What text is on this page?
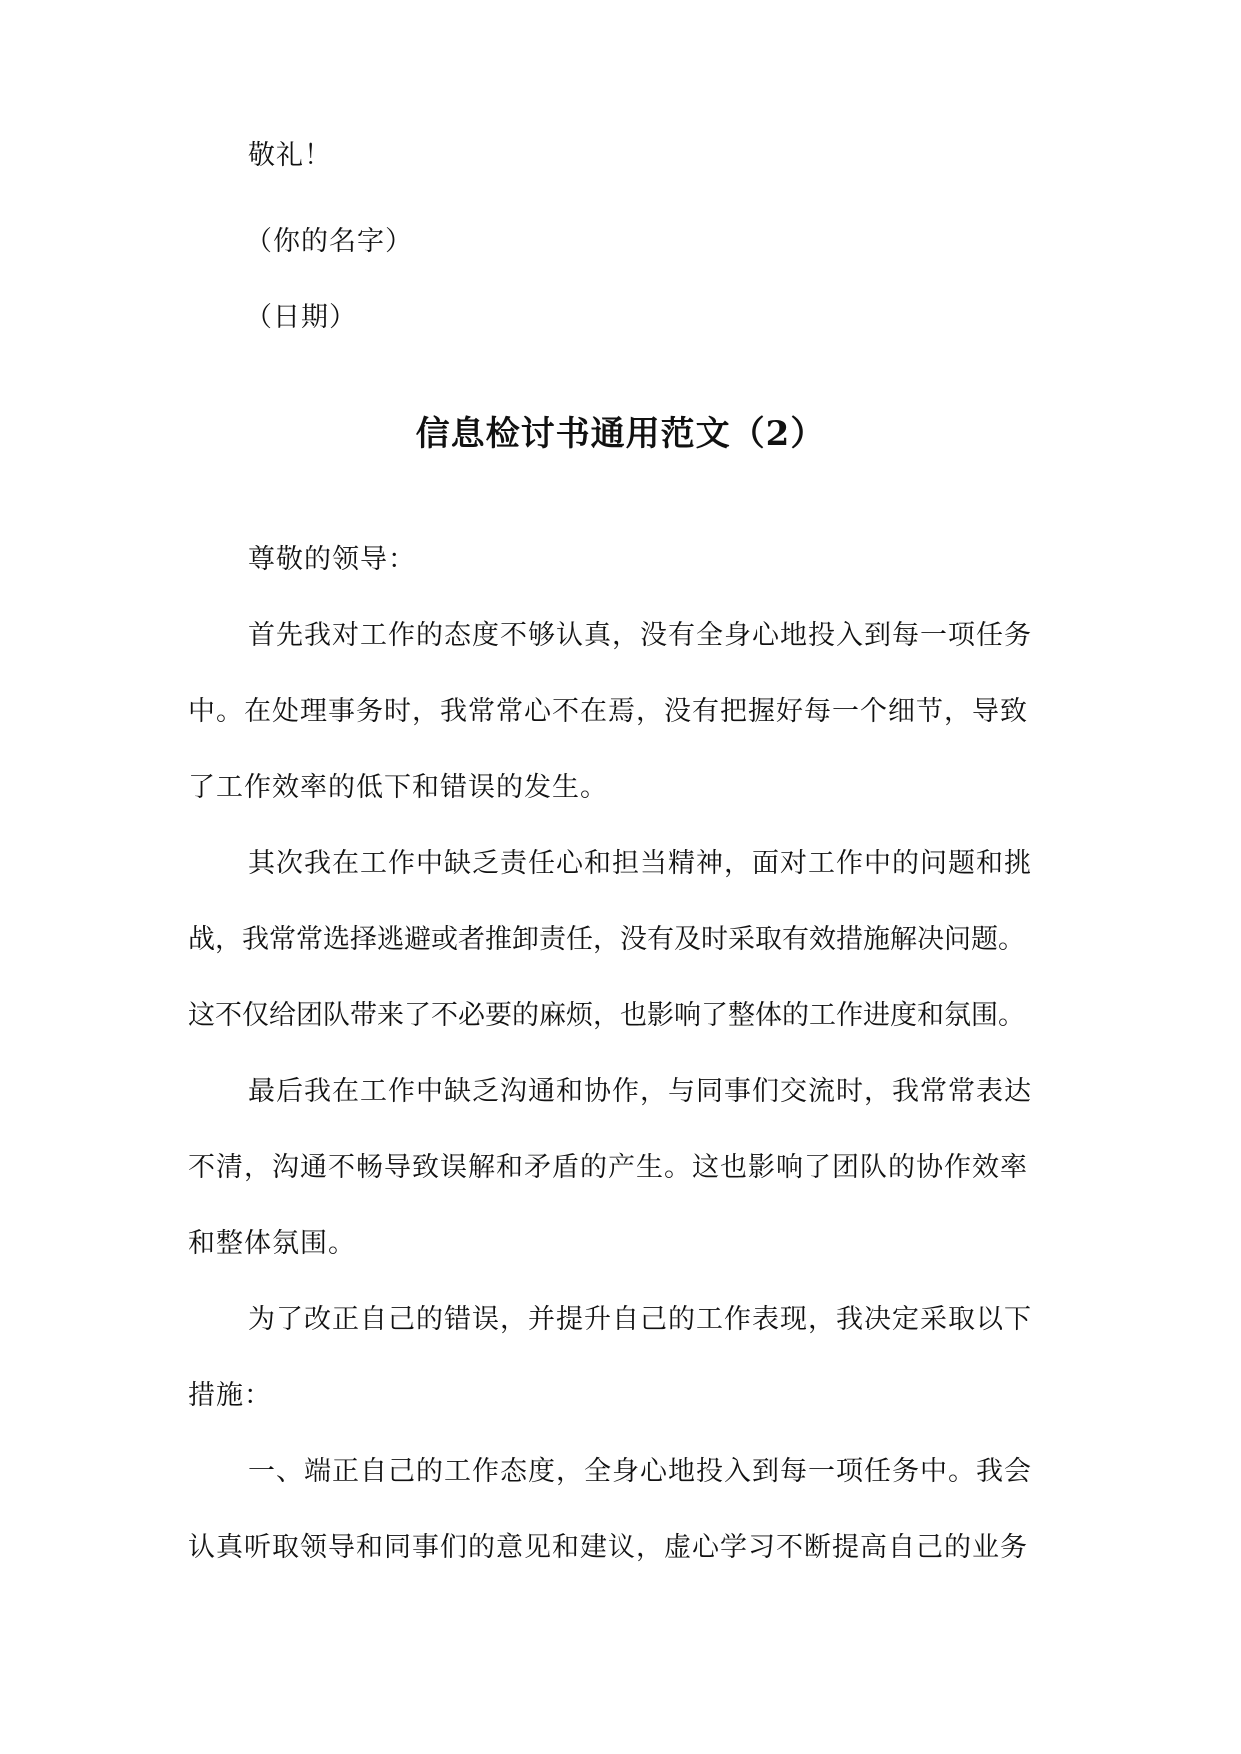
敬礼！
（你的名字）
（日期）
信息检讨书通用范文（2）
尊敬的领导：
首先我对工作的态度不够认真，没有全身心地投入到每一项任务
中。在处理事务时，我常常心不在焉，没有把握好每一个细节，导致
了工作效率的低下和错误的发生。
其次我在工作中缺乏责任心和担当精神，面对工作中的问题和挑
战，我常常选择逃避或者推卸责任，没有及时采取有效措施解决问题。
这不仅给团队带来了不必要的麻烦，也影响了整体的工作进度和氛围。
最后我在工作中缺乏沟通和协作，与同事们交流时，我常常表达
不清，沟通不畅导致误解和矛盾的产生。这也影响了团队的协作效率
和整体氛围。
为了改正自己的错误，并提升自己的工作表现，我决定采取以下
措施：
一、端正自己的工作态度，全身心地投入到每一项任务中。我会
认真听取领导和同事们的意见和建议，虚心学习不断提高自己的业务
